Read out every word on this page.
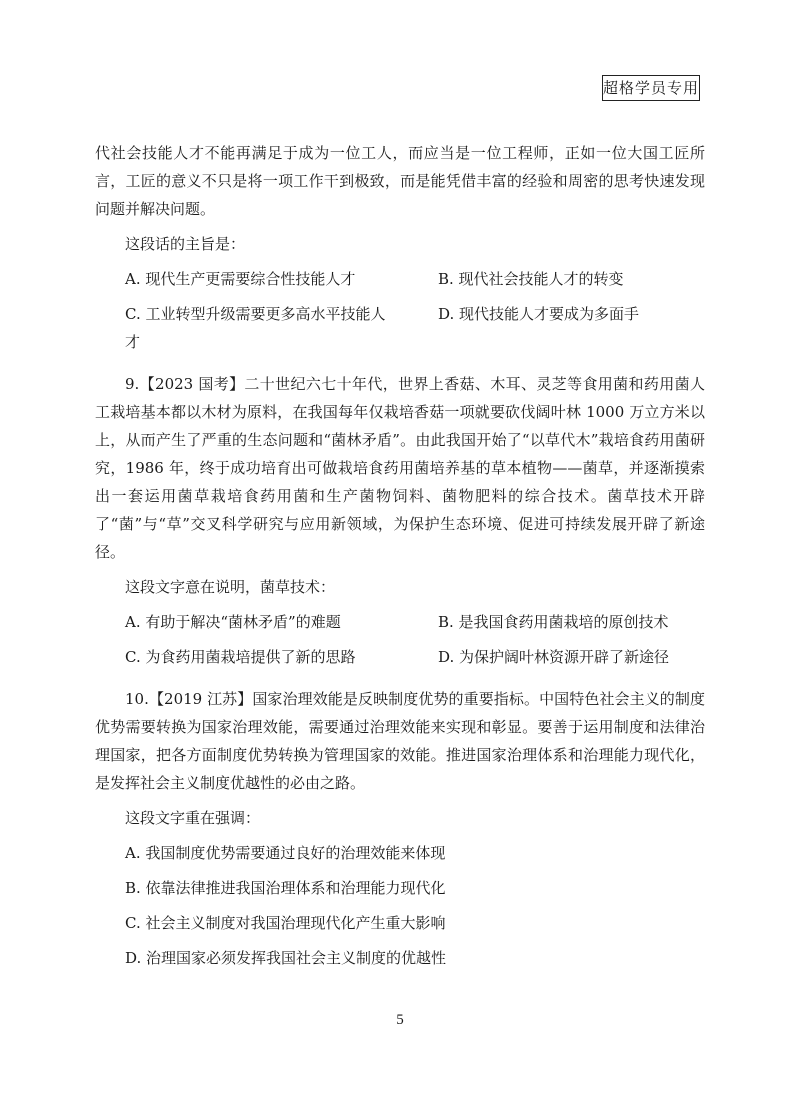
超格学员专用

代社会技能人才不能再满足于成为一位工人，而应当是一位工程师，正如一位大国工匠所言，工匠的意义不只是将一项工作干到极致，而是能凭借丰富的经验和周密的思考快速发现问题并解决问题。

这段话的主旨是：

A. 现代生产更需要综合性技能人才	B. 现代社会技能人才的转变
C. 工业转型升级需要更多高水平技能人才
D. 现代技能人才要成为多面手

9.【2023 国考】二十世纪六七十年代，世界上香菇、木耳、灵芝等食用菌和药用菌人工栽培基本都以木材为原料，在我国每年仅栽培香菇一项就要砍伐阔叶林 1000 万立方米以上，从而产生了严重的生态问题和“菌林矛盾”。由此我国开始了“以草代木”栽培食药用菌研究，1986 年，终于成功培育出可做栽培食药用菌培养基的草本植物——菌草，并逐渐摸索出一套运用菌草栽培食药用菌和生产菌物饲料、菌物肥料的综合技术。菌草技术开辟了“菌”与“草”交叉科学研究与应用新领域，为保护生态环境、促进可持续发展开辟了新途径。

这段文字意在说明，菌草技术：

A. 有助于解决“菌林矛盾”的难题	B. 是我国食药用菌栽培的原创技术
C. 为食药用菌栽培提供了新的思路	D. 为保护阔叶林资源开辟了新途径

10.【2019 江苏】国家治理效能是反映制度优势的重要指标。中国特色社会主义的制度优势需要转换为国家治理效能，需要通过治理效能来实现和彰显。要善于运用制度和法律治理国家，把各方面制度优势转换为管理国家的效能。推进国家治理体系和治理能力现代化，是发挥社会主义制度优越性的必由之路。

这段文字重在强调：

A. 我国制度优势需要通过良好的治理效能来体现
B. 依靠法律推进我国治理体系和治理能力现代化
C. 社会主义制度对我国治理现代化产生重大影响
D. 治理国家必须发挥我国社会主义制度的优越性
5
